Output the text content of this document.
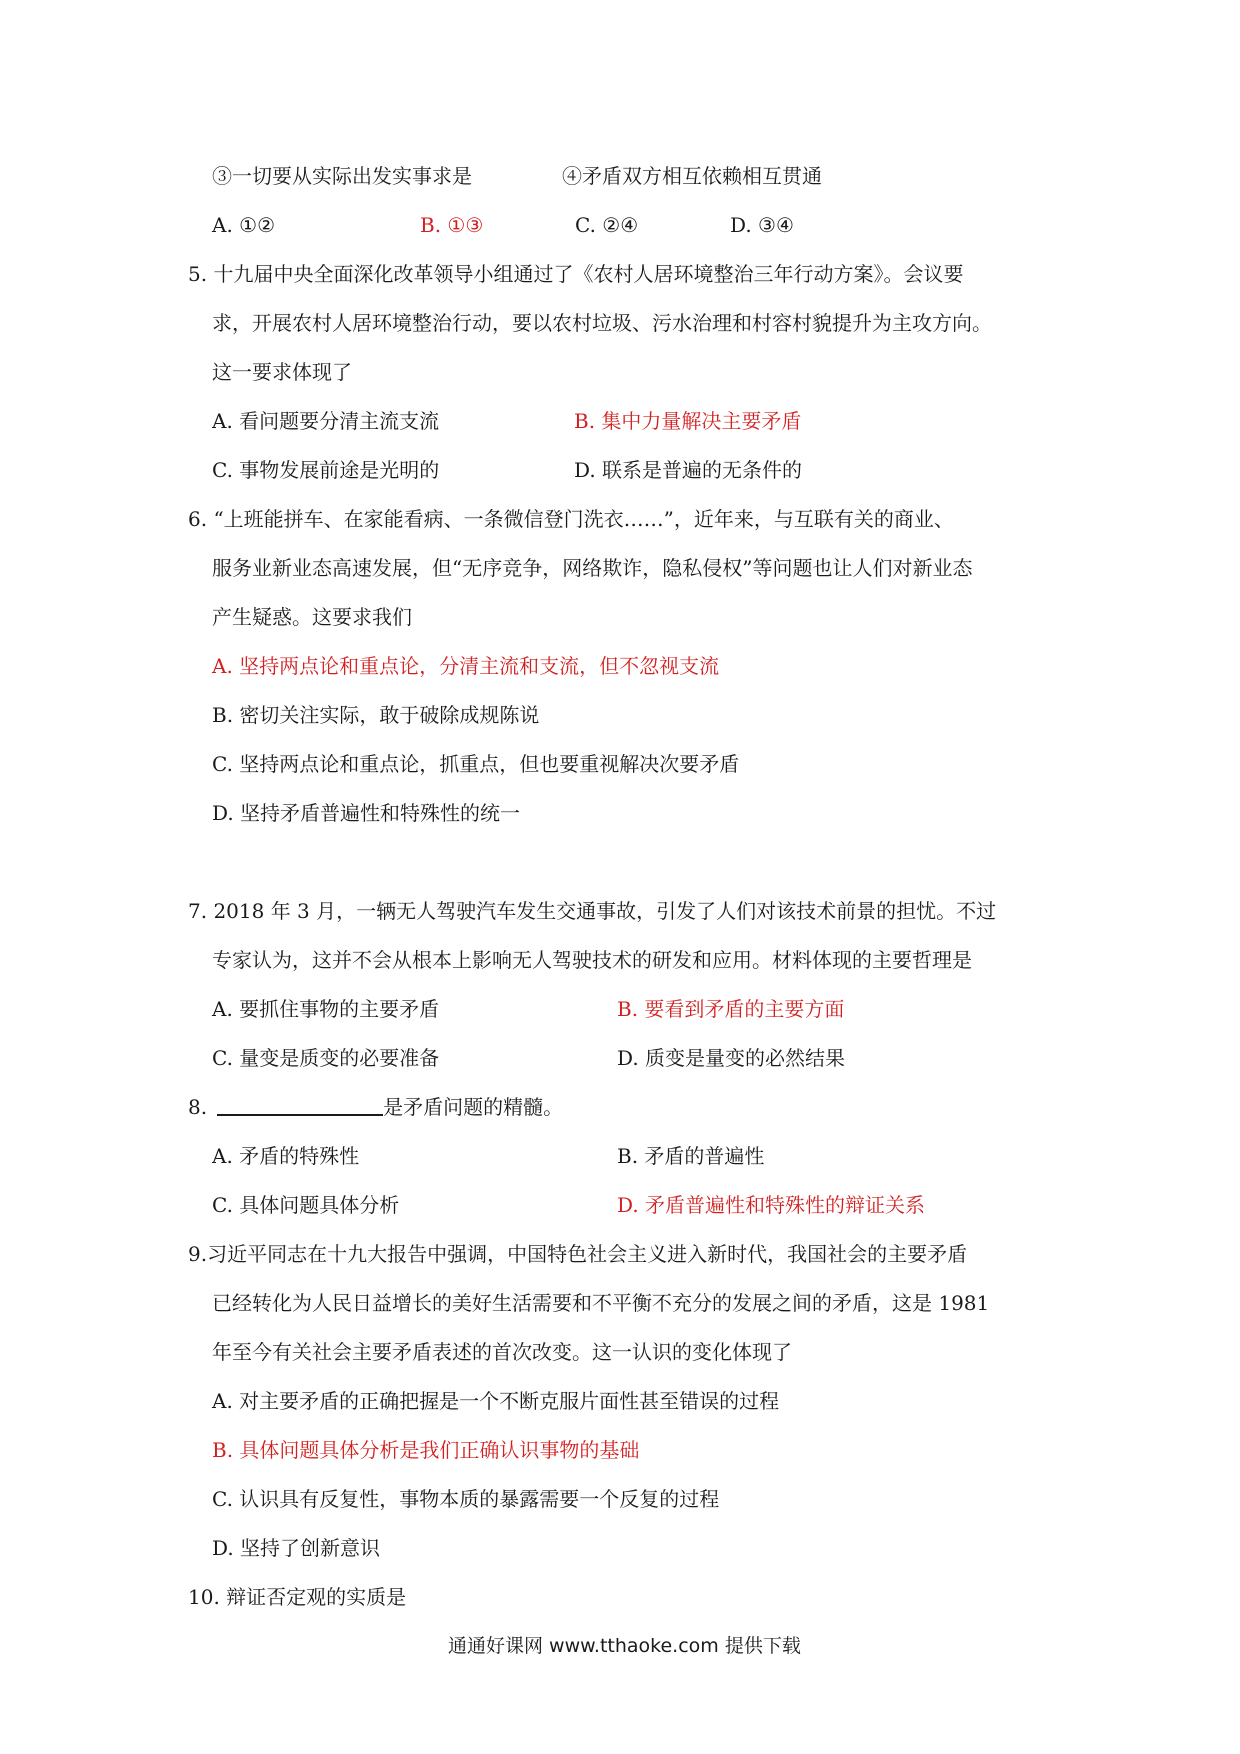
③一切要从实际出发实事求是	④矛盾双方相互依赖相互贯通
A. ①②	B. ①③	C. ②④	D. ③④
5. 十九届中央全面深化改革领导小组通过了《农村人居环境整治三年行动方案》。会议要
求，开展农村人居环境整治行动，要以农村垃圾、污水治理和村容村貌提升为主攻方向。
这一要求体现了
A. 看问题要分清主流支流	B. 集中力量解决主要矛盾
C. 事物发展前途是光明的	D. 联系是普遍的无条件的
6. “上班能拼车、在家能看病、一条微信登门洗衣……”，近年来，与互联有关的商业、
服务业新业态高速发展，但“无序竞争，网络欺诈，隐私侵权”等问题也让人们对新业态
产生疑惑。这要求我们
A. 坚持两点论和重点论，分清主流和支流，但不忽视支流
B. 密切关注实际，敢于破除成规陈说
C. 坚持两点论和重点论，抓重点，但也要重视解决次要矛盾
D. 坚持矛盾普遍性和特殊性的统一
7. 2018 年 3 月，一辆无人驾驶汽车发生交通事故，引发了人们对该技术前景的担忧。不过
专家认为，这并不会从根本上影响无人驾驶技术的研发和应用。材料体现的主要哲理是
A. 要抓住事物的主要矛盾	B. 要看到矛盾的主要方面
C. 量变是质变的必要准备	D. 质变是量变的必然结果
8.	是矛盾问题的精髓。
A. 矛盾的特殊性	B. 矛盾的普遍性
C. 具体问题具体分析	D. 矛盾普遍性和特殊性的辩证关系
9.习近平同志在十九大报告中强调，中国特色社会主义进入新时代，我国社会的主要矛盾
已经转化为人民日益增长的美好生活需要和不平衡不充分的发展之间的矛盾，这是 1981
年至今有关社会主要矛盾表述的首次改变。这一认识的变化体现了
A. 对主要矛盾的正确把握是一个不断克服片面性甚至错误的过程
B. 具体问题具体分析是我们正确认识事物的基础
C. 认识具有反复性，事物本质的暴露需要一个反复的过程
D. 坚持了创新意识
10. 辩证否定观的实质是
通通好课网 www.tthaoke.com 提供下载
